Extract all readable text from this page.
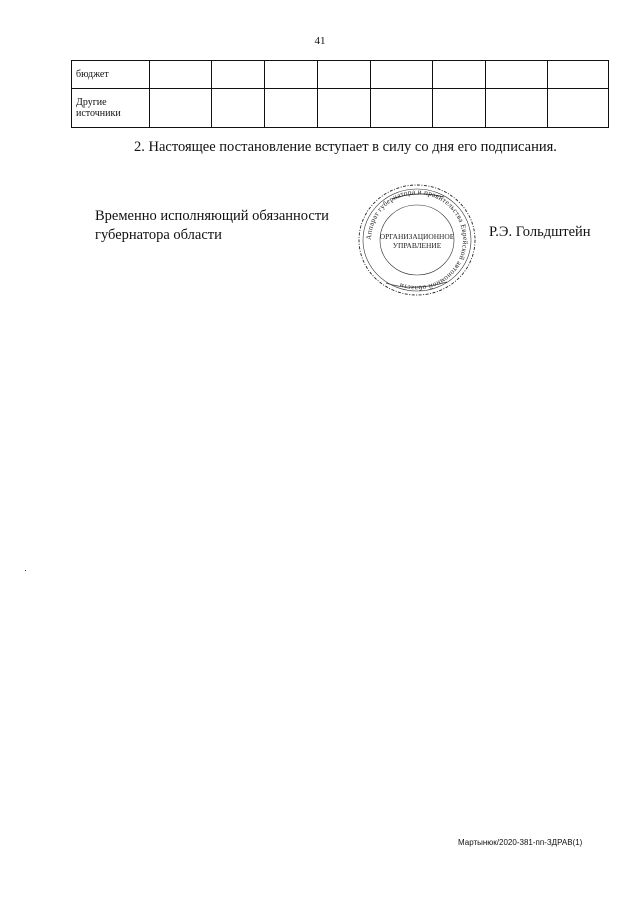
41
бюджет								

Другие
источники								

2. Настоящее постановление вступает в силу со дня его подписания.
Временно исполняющий обязанности
губернатора области	Аппарат губернатора и правительства Еврейской автономной области
ОРГАНИЗАЦИОННОЕ
УПРАВЛЕНИЕ
Р.Э. Гольдштейн
Мартынюк/2020-381-пп-ЗДРАВ(1)
